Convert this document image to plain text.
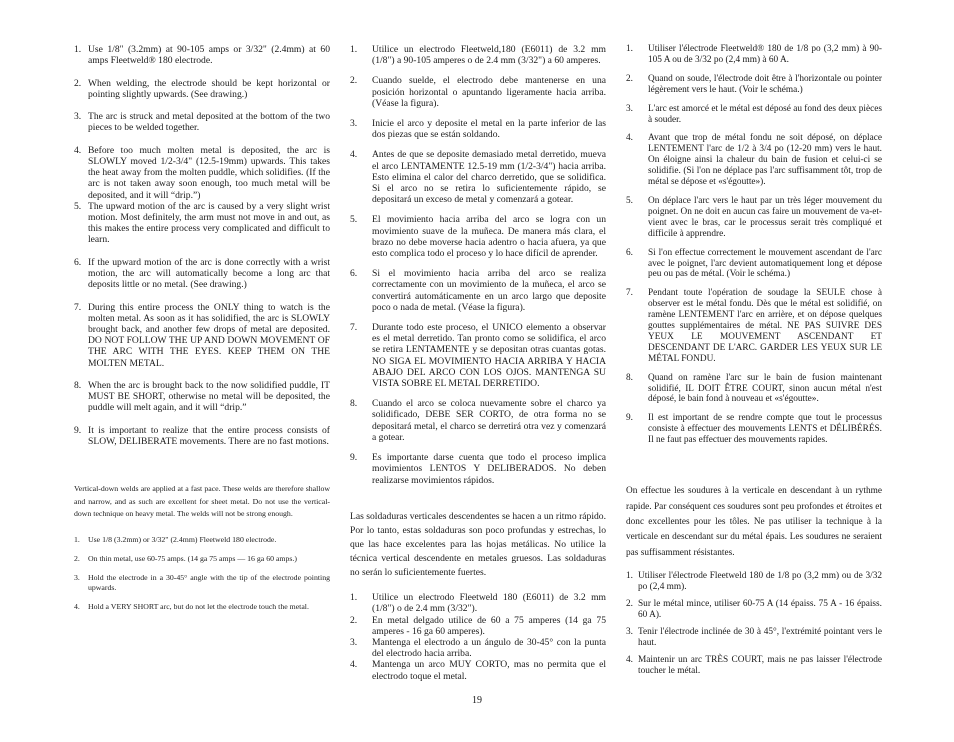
1. Use 1/8" (3.2mm) at 90-105 amps or 3/32" (2.4mm) at 60 amps Fleetweld® 180 electrode.
2. When welding, the electrode should be kept horizontal or pointing slightly upwards. (See drawing.)
3. The arc is struck and metal deposited at the bottom of the two pieces to be welded together.
4. Before too much molten metal is deposited, the arc is SLOWLY moved 1/2-3/4" (12.5-19mm) upwards. This takes the heat away from the molten puddle, which solidifies. (If the arc is not taken away soon enough, too much metal will be deposited, and it will “drip.”)
5. The upward motion of the arc is caused by a very slight wrist motion. Most definitely, the arm must not move in and out, as this makes the entire process very complicated and difficult to learn.
6. If the upward motion of the arc is done correctly with a wrist motion, the arc will automatically become a long arc that deposits little or no metal. (See drawing.)
7. During this entire process the ONLY thing to watch is the molten metal. As soon as it has solidified, the arc is SLOWLY brought back, and another few drops of metal are deposited. DO NOT FOLLOW THE UP AND DOWN MOVEMENT OF THE ARC WITH THE EYES. KEEP THEM ON THE MOLTEN METAL.
8. When the arc is brought back to the now solidified puddle, IT MUST BE SHORT, otherwise no metal will be deposited, the puddle will melt again, and it will “drip.”
9. It is important to realize that the entire process consists of SLOW, DELIBERATE movements. There are no fast motions.

Vertical-down welds are applied at a fast pace. These welds are therefore shallow and narrow, and as such are excellent for sheet metal. Do not use the vertical-down technique on heavy metal. The welds will not be strong enough.

1.	Use 1/8 (3.2mm) or 3/32" (2.4mm) Fleetweld 180 electrode.
2.	On thin metal, use 60-75 amps. (14 ga 75 amps — 16 ga 60 amps.)
3.	Hold the electrode in a 30-45° angle with the tip of the electrode pointing upwards.
4.	Hold a VERY SHORT arc, but do not let the electrode touch the metal.
1.	Utilice un electrodo Fleetweld,180 (E6011) de 3.2 mm (1/8") a 90-105 amperes o de 2.4 mm (3/32") a 60 amperes.
2.	Cuando suelde, el electrodo debe mantenerse en una posición horizontal o apuntando ligeramente hacia arriba. (Véase la figura).
3.	Inicie el arco y deposite el metal en la parte inferior de las dos piezas que se están soldando.
4.	Antes de que se deposite demasiado metal derretido, mueva el arco LENTAMENTE 12.5-19 mm (1/2-3/4") hacia arriba. Esto elimina el calor del charco derretido, que se solidifica. Si el arco no se retira lo suficientemente rápido, se depositará un exceso de metal y comenzará a gotear.
5.	El movimiento hacia arriba del arco se logra con un movimiento suave de la muñeca. De manera más clara, el brazo no debe moverse hacia adentro o hacia afuera, ya que esto complica todo el proceso y lo hace difícil de aprender.
6.	Si el movimiento hacia arriba del arco se realiza correctamente con un movimiento de la muñeca, el arco se convertirá automáticamente en un arco largo que deposite poco o nada de metal. (Véase la figura).
7.	Durante todo este proceso, el UNICO elemento a observar es el metal derretido. Tan pronto como se solidifica, el arco se retira LENTAMENTE y se depositan otras cuantas gotas. NO SIGA EL MOVIMIENTO HACIA ARRIBA Y HACIA ABAJO DEL ARCO CON LOS OJOS. MANTENGA SU VISTA SOBRE EL METAL DERRETIDO.
8.	Cuando el arco se coloca nuevamente sobre el charco ya solidificado, DEBE SER CORTO, de otra forma no se depositará metal, el charco se derretirá otra vez y comenzará a gotear.
9.	Es importante darse cuenta que todo el proceso implica movimientos LENTOS Y DELIBERADOS. No deben realizarse movimientos rápidos.

Las soldaduras verticales descendentes se hacen a un ritmo rápido. Por lo tanto, estas soldaduras son poco profundas y estrechas, lo que las hace excelentes para las hojas metálicas. No utilice la técnica vertical descendente en metales gruesos. Las soldaduras no serán lo suficientemente fuertes.

1.	Utilice un electrodo Fleetweld 180 (E6011) de 3.2 mm (1/8") o de 2.4 mm (3/32").
2.	En metal delgado utilice de 60 a 75 amperes (14 ga 75 amperes - 16 ga 60 amperes).
3.	Mantenga el electrodo a un ángulo de 30-45° con la punta del electrodo hacia arriba.
4.	Mantenga un arco MUY CORTO, mas no permita que el electrodo toque el metal.
1.	Utiliser l'électrode Fleetweld® 180 de 1/8 po (3,2 mm) à 90-105 A ou de 3/32 po (2,4 mm) à 60 A.
2.	Quand on soude, l'électrode doit être à l'horizontale ou pointer légèrement vers le haut. (Voir le schéma.)
3.	L'arc est amorcé et le métal est déposé au fond des deux pièces à souder.
4.	Avant que trop de métal fondu ne soit déposé, on déplace LENTEMENT l'arc de 1/2 à 3/4 po (12-20 mm) vers le haut. On éloigne ainsi la chaleur du bain de fusion et celui-ci se solidifie. (Si l'on ne déplace pas l'arc suffisamment tôt, trop de métal se dépose et «s'égoutte»).
5.	On déplace l'arc vers le haut par un très léger mouvement du poignet. On ne doit en aucun cas faire un mouvement de va-et-vient avec le bras, car le processus serait très compliqué et difficile à apprendre.
6.	Si l'on effectue correctement le mouvement ascendant de l'arc avec le poignet, l'arc devient automatiquement long et dépose peu ou pas de métal. (Voir le schéma.)
7.	Pendant toute l'opération de soudage la SEULE chose à observer est le métal fondu. Dès que le métal est solidifié, on ramène LENTEMENT l'arc en arrière, et on dépose quelques gouttes supplémentaires de métal. NE PAS SUIVRE DES YEUX LE MOUVEMENT ASCENDANT ET DESCENDANT DE L'ARC. GARDER LES YEUX SUR LE MÉTAL FONDU.
8.	Quand on ramène l'arc sur le bain de fusion maintenant solidifié, IL DOIT ÊTRE COURT, sinon aucun métal n'est déposé, le bain fond à nouveau et «s'égoutte».
9.	Il est important de se rendre compte que tout le processus consiste à effectuer des mouvements LENTS et DÉLIBÉRÉS. Il ne faut pas effectuer des mouvements rapides.

On effectue les soudures à la verticale en descendant à un rythme rapide. Par conséquent ces soudures sont peu profondes et étroites et donc excellentes pour les tôles. Ne pas utiliser la technique à la verticale en descendant sur du métal épais. Les soudures ne seraient pas suffisamment résistantes.

1. Utiliser l'électrode Fleetweld 180 de 1/8 po (3,2 mm) ou de 3/32 po (2,4 mm).
2. Sur le métal mince, utiliser 60-75 A (14 épaiss. 75 A - 16 épaiss. 60 A).
3. Tenir l'électrode inclinée de 30 à 45°, l'extrémité pointant vers le haut.
4. Maintenir un arc TRÈS COURT, mais ne pas laisser l'électrode toucher le métal.
19
